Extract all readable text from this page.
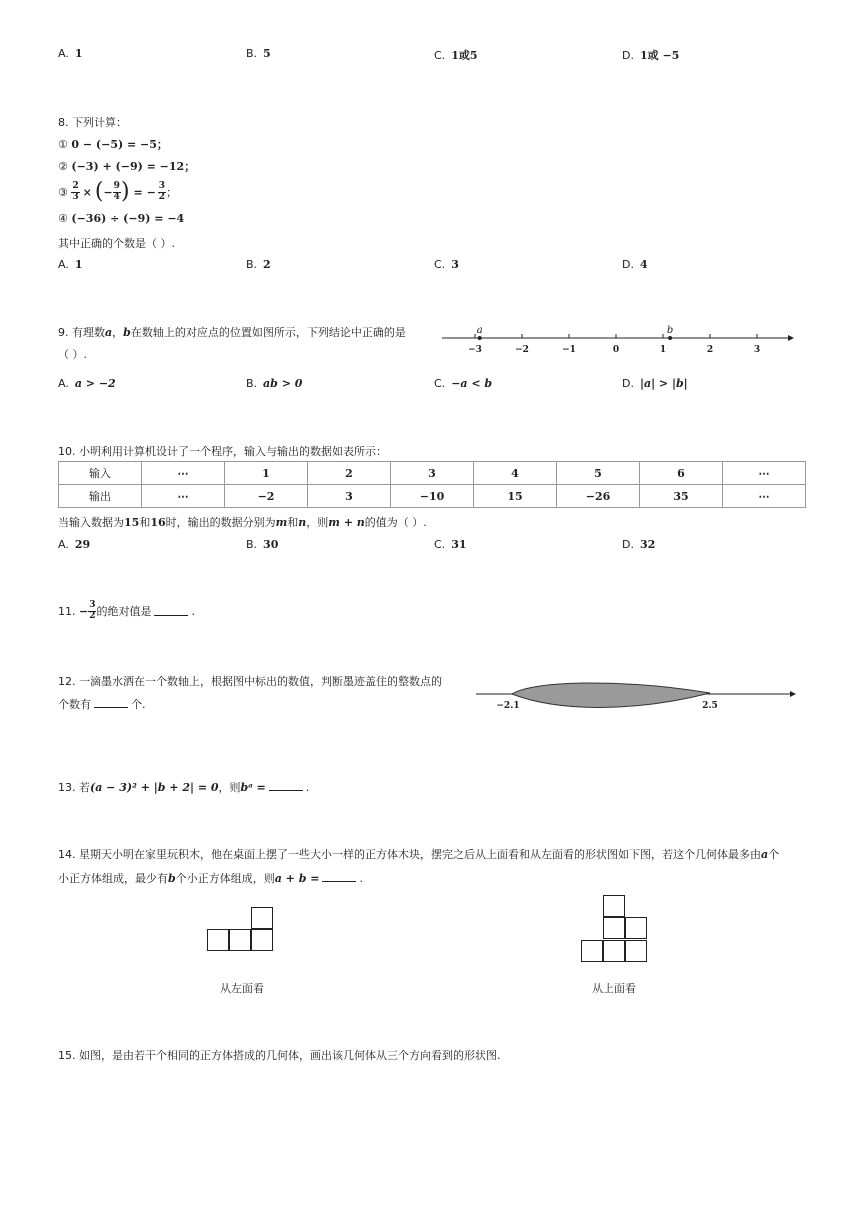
A. 1	B. 5	C. 1或5	D. 1或 −5
8. 下列计算：
① 0 − (−5) = −5；
② (−3) + (−9) = −12；
③
$\frac{2}{3}$ × ( − $\frac{9}{4}$ ) = − $\frac{3}{2}$ ；
④ (−36) ÷ (−9) = −4
其中正确的个数是（ ）.
A. 1	B. 2	C. 3	D. 4
9. 有理数a，b在数轴上的对应点的位置如图所示，下列结论中正确的是
（ ）.	−3	−2	−1	0	1	2	3
a	b
A. a > −2	B. ab > 0	C. −a < b	D. |a| > |b|
10. 小明利用计算机设计了一个程序，输入与输出的数据如表所示：
输入	⋯	1	2	3	4	5	6	⋯
输出	⋯	−2	3	−10	15	−26	35	⋯
当输入数据为15和16时，输出的数据分别为m和n，则m + n的值为（ ）.
A. 29	B. 30	C. 31	D. 32
11.
− $\frac{3}{2}$ 的绝对值是	.
12. 一滴墨水洒在一个数轴上，根据图中标出的数值，判断墨迹盖住的整数点的
个数有	个.	−2.1	2.5
13. 若(a − 3)² + |b + 2| = 0，则bᵃ =	.
14. 星期天小明在家里玩积木，他在桌面上摆了一些大小一样的正方体木块，摆完之后从上面看和从左面看的形状图如下图，若这个几何体最多由a个
小正方体组成，最少有b个小正方体组成，则a + b =	.
从左面看	从上面看
15. 如图，是由若干个相同的正方体搭成的几何体，画出该几何体从三个方向看到的形状图.
